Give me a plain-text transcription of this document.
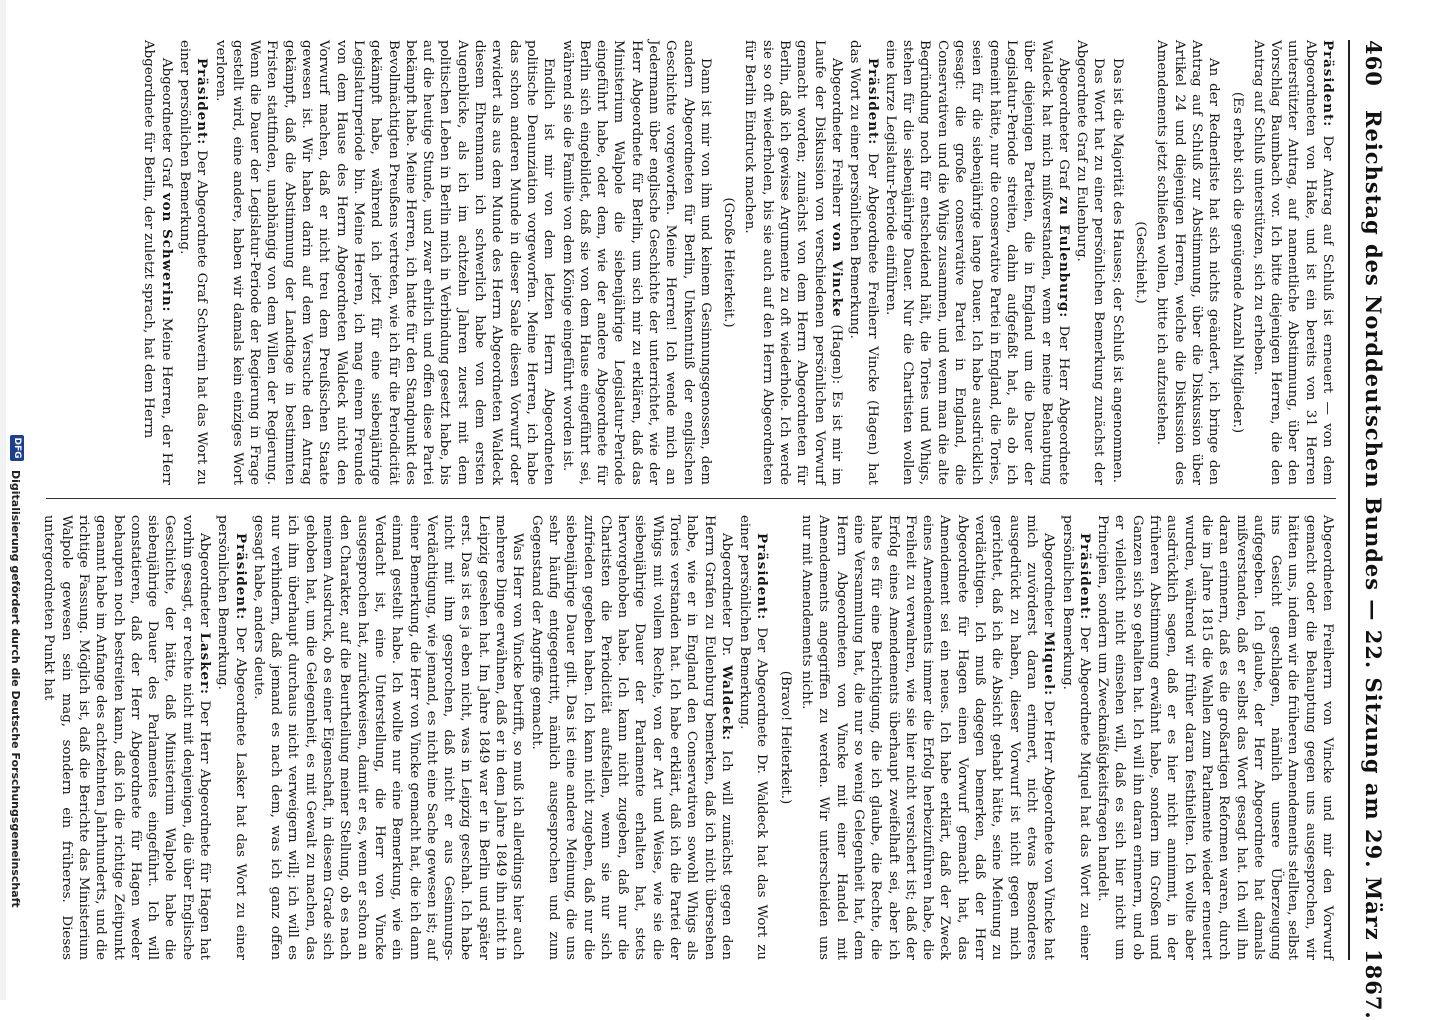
460
Reichstag des Norddeutschen Bundes — 22. Sitzung am 29. März 1867.

Präsident: Der Antrag auf Schluß ist erneuert — von dem Abgeordneten von Hake, und ist ein bereits von 31 Herren unterstützter Antrag, auf namentliche Abstimmung, über den Vorschlag Baumbach vor. Ich bitte diejenigen Herren, die den Antrag auf Schluß unterstützen, sich zu erheben.

(Es erhebt sich die genügende Anzahl Mitglieder.)

An der Rednerliste hat sich nichts geändert, ich bringe den Antrag auf Schluß zur Abstimmung, über die Diskussion über Artikel 24 und diejenigen Herren, welche die Diskussion des Amendements jetzt schließen wollen, bitte ich aufzustehen.

(Geschieht.)

Das ist die Majorität des Hauses; der Schluß ist angenommen.

Das Wort hat zu einer persönlichen Bemerkung zunächst der Abgeordnete Graf zu Eulenburg.

Abgeordneter Graf zu Eulenburg: Der Herr Abgeordnete Waldeck hat mich mißverstanden, wenn er meine Behauptung über diejenigen Parteien, die in England um die Dauer der Legislatur-Periode streiten, dahin aufgefaßt hat, als ob ich gemeint hätte, nur die conservative Partei in England, die Tories, seien für die siebenjährige lange Dauer. Ich habe ausdrücklich gesagt: die große conservative Partei in England, die Conservativen und die Whigs zusammen, und wenn man die alte Begründung noch für entscheidend hält, die Tories und Whigs, stehen für die siebenjährige Dauer. Nur die Chartisten wollen eine kurze Legislatur-Periode einführen.

Präsident: Der Abgeordnete Freiherr Vincke (Hagen) hat das Wort zu einer persönlichen Bemerkung.

Abgeordneter Freiherr von Vincke (Hagen): Es ist mir im Laufe der Diskussion von verschiedenen persönlichen Vorwurf gemacht worden; zunächst von dem Herrn Abgeordneten für Berlin, daß ich gewisse Argumente zu oft wiederhole. Ich werde sie so oft wiederholen, bis sie auch auf den Herrn Abgeordneten für Berlin Eindruck machen.

(Große Heiterkeit.)

Dann ist mir von ihm und keinem Gesinnungsgenossen, dem andern Abgeordneten für Berlin, Unkenntniß der englischen Geschichte vorgeworfen. Meine Herren! Ich wende mich an Jedermann über englische Geschichte der unterrichtet, wie der Herr Abgeordnete für Berlin, um sich mir zu erklären, daß das Ministerium Walpole die siebenjährige Legislatur-Periode eingeführt habe, oder dem, wie der andere Abgeordnete für Berlin sich eingebildet, daß sie von dem Hause eingeführt sei, während sie die Familie von dem Könige eingeführt worden ist.

Endlich ist mir von dem letzten Herrn Abgeordneten politische Denunziation vorgeworfen. Meine Herren, ich habe das schon anderen Munde in dieser Saale diesen Vorwurf oder erwidert als aus dem Munde des Herrn Abgeordneten Waldeck diesem Ehrenmann ich schwerlich habe von dem ersten Augenblicke, als ich im achtzehn Jahren zuerst mit dem politischen Leben in Berlin mich in Verbindung gesetzt habe, bis auf die heutige Stunde, und zwar ehrlich und offen diese Partei bekämpft habe. Meine Herren, ich hatte für den Standpunkt des Bevollmächtigten Preußens vertreten, wie ich für die Periodicität gekämpft habe, während ich jetzt für eine siebenjährige Legislaturperiode bin. Meine Herren, ich mag einem Freunde von dem Hause des Herrn Abgeordneten Waldeck nicht den Vorwurf machen, daß er nicht treu dem Preußischen Staate gewesen ist. Wir haben darin auf dem Versuche den Antrag gekämpft, daß die Abstimmung der Landtage in bestimmten Fristen stattfinden, unabhängig von dem Willen der Regierung. Wenn die Dauer der Legislatur-Periode der Regierung in Frage gestellt wird, eine andere, haben wir damals kein einziges Wort verloren.

Präsident: Der Abgeordnete Graf Schwerin hat das Wort zu einer persönlichen Bemerkung.

Abgeordneter Graf von Schwerin: Meine Herren, der Herr Abgeordnete für Berlin, der zuletzt sprach, hat dem Herrn

Abgeordneten Freiherrn von Vincke und mir den Vorwurf gemacht oder die Behauptung gegen uns ausgesprochen, wir hätten uns, indem wir die früheren Amendements stellten, selbst ins Gesicht geschlagen, nämlich unsere Überzeugung aufgegeben. Ich glaube, der Herr Abgeordnete hat damals mißverstanden, daß er selbst das Wort gesagt hat. Ich will ihn daran erinnern, daß es die großartigen Reformen waren, durch die im Jahre 1815 die Wahlen zum Parlamente wieder erneuert wurden, während wir früher daran festhielten. Ich wollte aber ausdrücklich sagen, daß er es hier nicht annimmt, in der früheren Abstimmung erwähnt habe, sondern im Großen und Ganzen sich so gehalten hat. Ich will ihn daran erinnern, und ob er vielleicht nicht einsehen will, daß es sich hier nicht um Principien, sondern um Zweckmäßigkeitsfragen handelt.

Präsident: Der Abgeordnete Miquel hat das Wort zu einer persönlichen Bemerkung.

Abgeordneter Miquel: Der Herr Abgeordnete von Vincke hat mich zuvörderst daran erinnert, nicht etwas Besonderes ausgedrückt zu haben, dieser Vorwurf ist nicht gegen mich gerichtet, daß ich die Absicht gehabt hätte, seine Meinung zu verdächtigen. Ich muß dagegen bemerken, daß der Herr Abgeordnete für Hagen einen Vorwurf gemacht hat, das Amendement sei ein neues. Ich habe erklärt, daß der Zweck eines Amendements immer die Erfolg herbeizuführen habe, die Freiheit zu verwahren, wie sie hier nicht versichert ist; daß der Erfolg eines Amendements überhaupt zweifelhaft sei, aber ich halte es für eine Berichtigung, die ich glaube, die Rechte, die eine Versammlung hat, die nur so wenig Gelegenheit hat, dem Herrn Abgeordneten von Vincke mit einer Handel mit Amendements angegriffen zu werden. Wir unterscheiden uns nur mit Amendements nicht.

(Bravo! Heiterkeit.)

Präsident: Der Abgeordnete Dr. Waldeck hat das Wort zu einer persönlichen Bemerkung.

Abgeordneter Dr. Waldeck: Ich will zunächst gegen den Herrn Grafen zu Eulenburg bemerken, daß ich nicht übersehen habe, wie er in England den Conservativen sowohl Whigs als Tories verstanden hat. Ich habe erklärt, daß ich die Partei der Whigs mit vollem Rechte, von der Art und Weise, wie sie die siebenjährige Dauer der Parlamente erhalten hat, stets hervorgehoben habe. Ich kann nicht zugeben, daß nur die Chartisten die Periodicität aufstellen, wenn sie nur sich zufrieden gegeben haben. Ich kann nicht zugeben, daß nur die siebenjährige Dauer gilt. Das ist eine andere Meinung, die uns sehr häufig entgegentritt, nämlich ausgesprochen und zum Gegenstand der Angriffe gemacht.

Was Herr von Vincke betrifft, so muß ich allerdings hier auch mehrere Dinge erwähnen, daß er in dem Jahre 1849 ihn nicht in Leipzig gesehen hat. Im Jahre 1849 war er in Berlin und später erst. Das ist es ja eben nicht, was in Leipzig geschah. Ich habe nicht mit ihm gesprochen, daß nicht er aus Gesinnungs-Verdächtigung, wie jemand, es nicht eine Sache gewesen ist; auf einer Bemerkung, die Herr von Vincke gemacht hat, die ich dann einmal gestellt habe. Ich wollte nur eine Bemerkung, wie ein Verdacht ist, eine Unterstellung, die Herr von Vincke ausgesprochen hat, zurückweisen, damit er es, wenn er schon an den Charakter, auf die Beurtheilung meiner Stellung, ob es nach meinem Ausdruck, ob es einer Eigenschaft, in diesem Grade sich gehoben hat, um die Gelegenheit, es mit Gewalt zu machen, das ich ihm überhaupt durchaus nicht verweigern will; ich will es nur verhindern, daß jemand es nach dem, was ich ganz offen gesagt habe, anders deute.

Präsident: Der Abgeordnete Lasker hat das Wort zu einer persönlichen Bemerkung.

Abgeordneter Lasker: Der Herr Abgeordnete für Hagen hat vorhin gesagt, er rechte nicht mit denjenigen, die über Englische Geschichte, der hätte, daß Ministerium Walpole habe die siebenjährige Dauer des Parlamentes eingeführt. Ich will constatieren, daß der Herr Abgeordnete für Hagen weder behaupten noch bestreiten kann, daß ich die richtige Zeitpunkt genannt habe im Anfange des achtzehnten Jahrhunderts, und die richtige Fassung. Möglich ist, daß die Berichte das Ministerium Walpole gewesen sein mag, sondern ein früheres. Dieses untergeordneten Punkt hat

DFG
Digitalisierung gefördert durch die Deutsche Forschungsgemeinschaft
